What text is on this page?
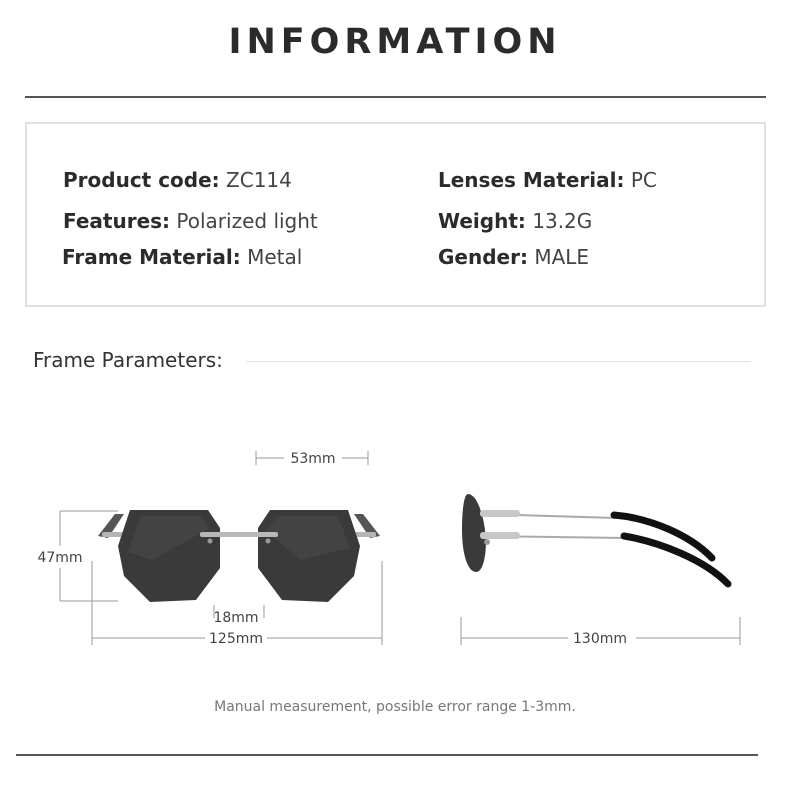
INFORMATION
Product code: ZC114
Features: Polarized light
Frame Material: Metal
Lenses Material: PC
Weight: 13.2G
Gender: MALE
Frame Parameters:
53mm
47mm
18mm
125mm	130mm
Manual measurement, possible error range 1-3mm.
